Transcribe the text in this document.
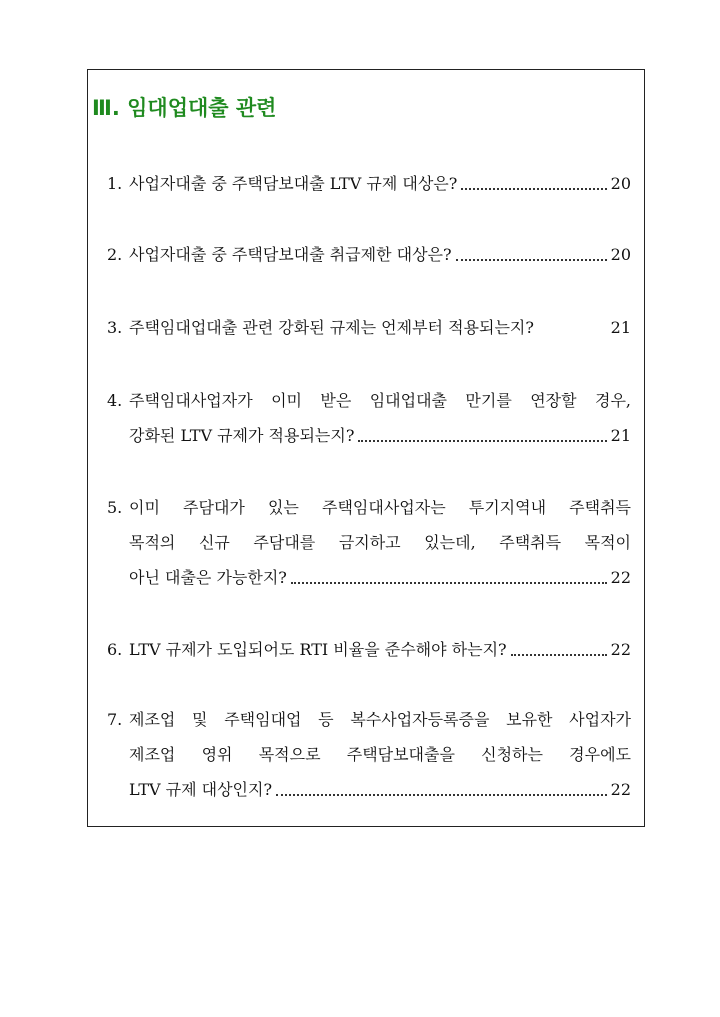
Ⅲ. 임대업대출 관련
1. 사업자대출 중 주택담보대출 LTV 규제 대상은?	20
2. 사업자대출 중 주택담보대출 취급제한 대상은?	20
3. 주택임대업대출 관련 강화된 규제는 언제부터 적용되는지?	21
4. 주택임대사업자가 이미 받은 임대업대출 만기를 연장할 경우,
강화된 LTV 규제가 적용되는지?	21
5. 이미 주담대가 있는 주택임대사업자는 투기지역내 주택취득
목적의 신규 주담대를 금지하고 있는데, 주택취득 목적이
아닌 대출은 가능한지?	22
6. LTV 규제가 도입되어도 RTI 비율을 준수해야 하는지?	22
7. 제조업 및 주택임대업 등 복수사업자등록증을 보유한 사업자가
제조업 영위 목적으로 주택담보대출을 신청하는 경우에도
LTV 규제 대상인지?	22
